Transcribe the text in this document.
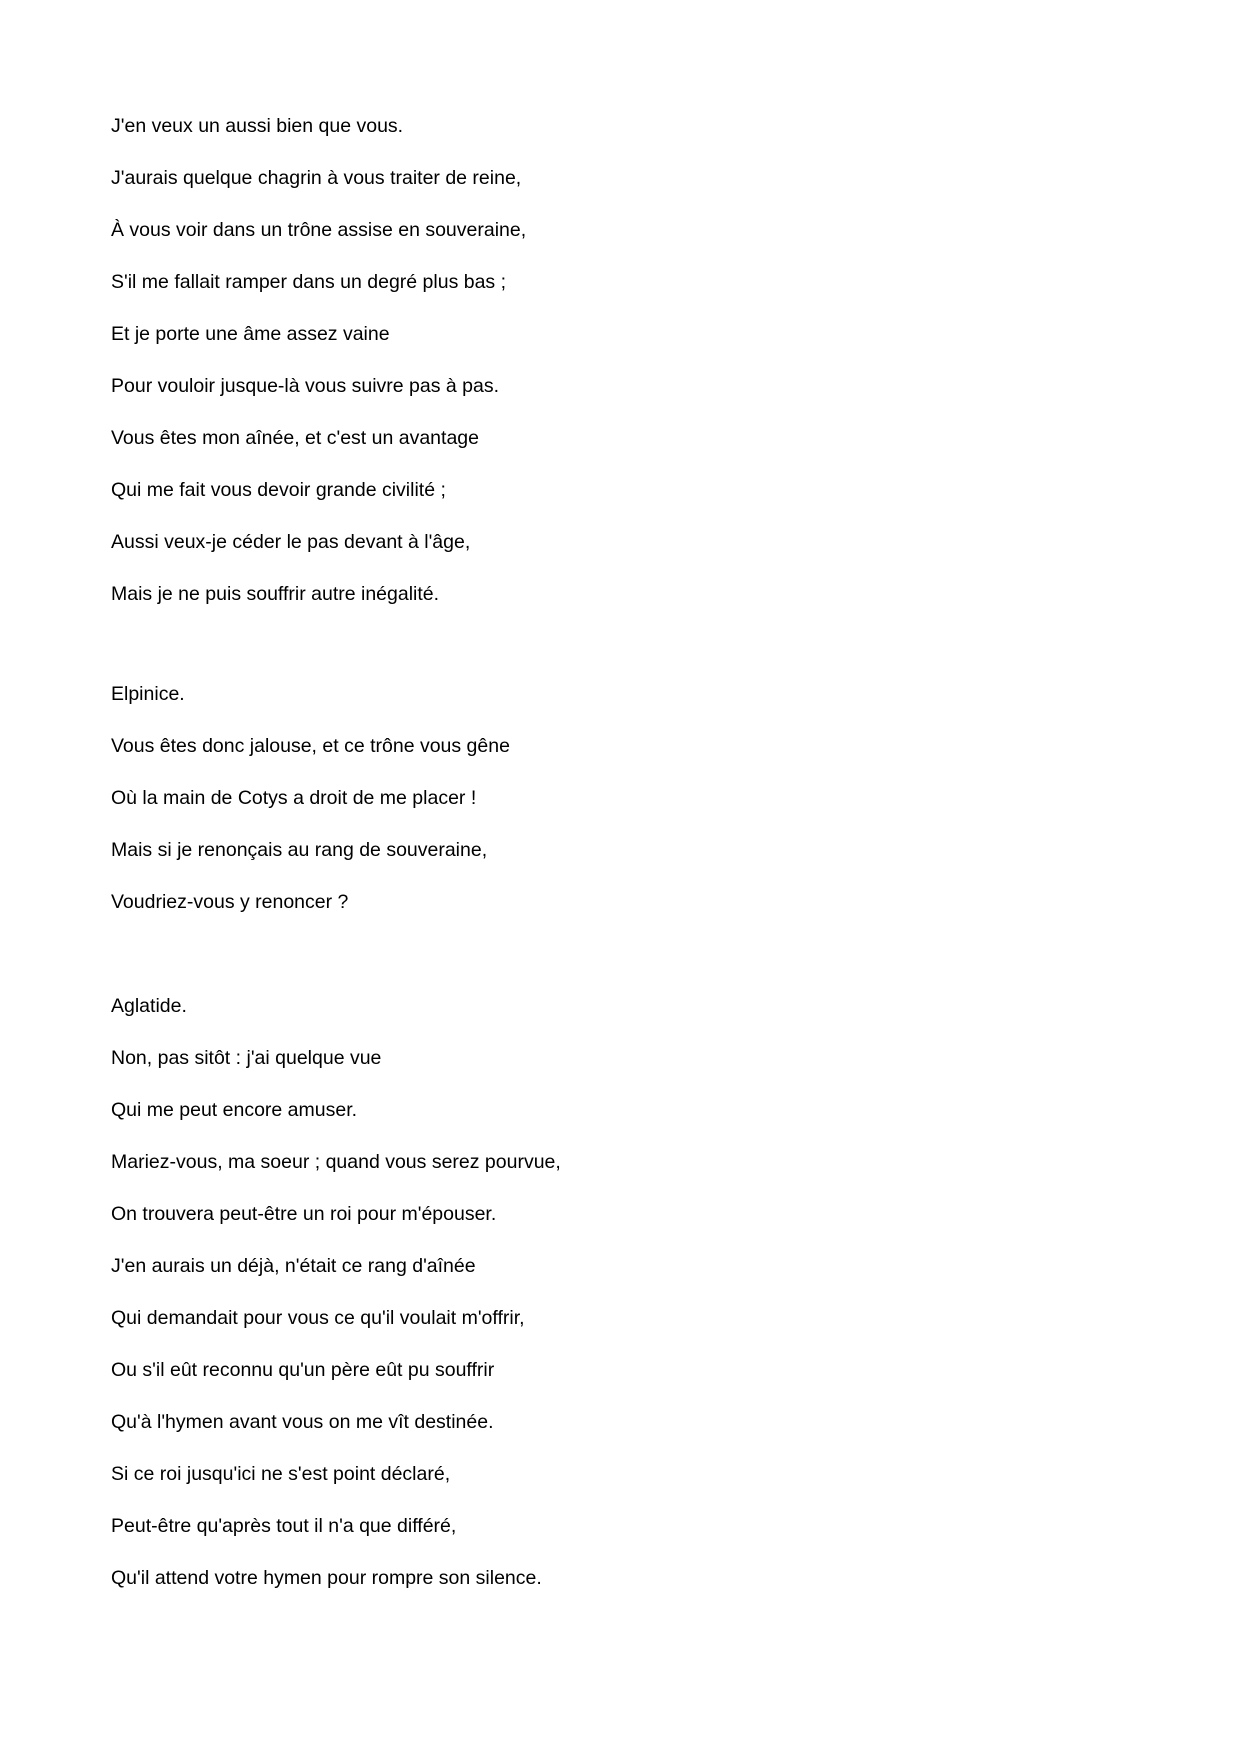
J'en veux un aussi bien que vous.
J'aurais quelque chagrin à vous traiter de reine,
À vous voir dans un trône assise en souveraine,
S'il me fallait ramper dans un degré plus bas ;
Et je porte une âme assez vaine
Pour vouloir jusque-là vous suivre pas à pas.
Vous êtes mon aînée, et c'est un avantage
Qui me fait vous devoir grande civilité ;
Aussi veux-je céder le pas devant à l'âge,
Mais je ne puis souffrir autre inégalité.
Elpinice.
Vous êtes donc jalouse, et ce trône vous gêne
Où la main de Cotys a droit de me placer !
Mais si je renonçais au rang de souveraine,
Voudriez-vous y renoncer ?
Aglatide.
Non, pas sitôt : j'ai quelque vue
Qui me peut encore amuser.
Mariez-vous, ma soeur ; quand vous serez pourvue,
On trouvera peut-être un roi pour m'épouser.
J'en aurais un déjà, n'était ce rang d'aînée
Qui demandait pour vous ce qu'il voulait m'offrir,
Ou s'il eût reconnu qu'un père eût pu souffrir
Qu'à l'hymen avant vous on me vît destinée.
Si ce roi jusqu'ici ne s'est point déclaré,
Peut-être qu'après tout il n'a que différé,
Qu'il attend votre hymen pour rompre son silence.
